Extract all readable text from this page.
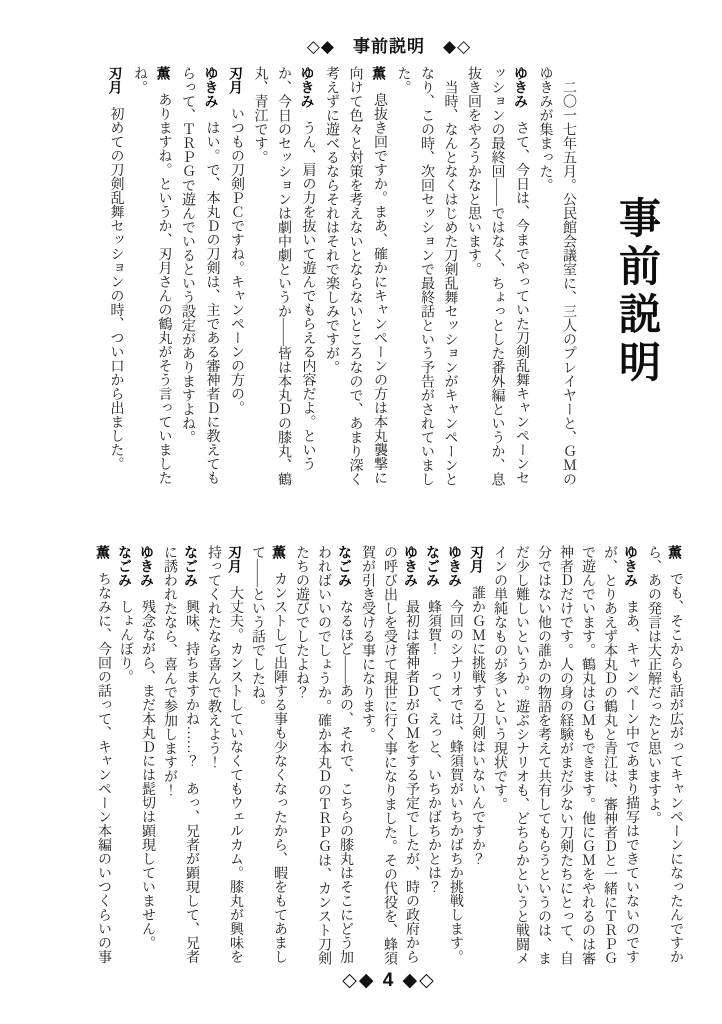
◇◆　事前説明　◆◇
事前説明

二〇一七年五月。公民館会議室に、三人のプレイヤーと、ＧＭのゆきみが集まった。

ゆきみさて、今日は、今までやっていた刀剣乱舞キャンペーンセッションの最終回――ではなく、ちょっとした番外編というか、息抜き回をやろうかなと思います。

当時、なんとなくはじめた刀剣乱舞セッションがキャンペーンとなり、この時、次回セッションで最終話という予告がされていました。

薫息抜き回ですか。まあ、確かにキャンペーンの方は本丸襲撃に向けて色々と対策を考えないとならないところなので、あまり深く考えずに遊べるならそれはそれで楽しみですが。

ゆきみうん、肩の力を抜いて遊んでもらえる内容だよ。というか、今日のセッションは劇中劇というか――皆は本丸Ｄの膝丸、鶴丸、青江です。

刃月いつもの刀剣ＰＣですね。キャンペーンの方の。

ゆきみはい。で、本丸Ｄの刀剣は、主である審神者Ｄに教えてもらって、ＴＲＰＧで遊んでいるという設定がありますよね。

薫ありますね。というか、刃月さんの鶴丸がそう言っていましたね。

刃月初めての刀剣乱舞セッションの時、つい口から出ました。

薫でも、そこからも話が広がってキャンペーンになったんですから、あの発言は大正解だったと思いますよ。

ゆきみまあ、キャンペーン中であまり描写はできていないのですが、とりあえず本丸Ｄの鶴丸と青江は、審神者Ｄと一緒にＴＲＰＧで遊んでいます。鶴丸はＧＭもできます。他にＧＭをやれるのは審神者Ｄだけです。人の身の経験がまだ少ない刀剣たちにとって、自分ではない他の誰かの物語を考えて共有してもらうというのは、まだ少し難しいというか。遊ぶシナリオも、どちらかというと戦闘メインの単純なものが多いという現状です。

刃月誰かＧＭに挑戦する刀剣はいないんですか？

ゆきみ今回のシナリオでは、蜂須賀がいちかばちか挑戦します。

なごみ蜂須賀！　って、えっと、いちかばちかとは？

ゆきみ最初は審神者ＤがＧＭをする予定でしたが、時の政府からの呼び出しを受けて現世に行く事になりました。その代役を、蜂須賀が引き受ける事になります。

なごみなるほど――あの、それで、こちらの膝丸はそこにどう加わればいいのでしょうか。確か本丸ＤのＴＲＰＧは、カンスト刀剣たちの遊びでしたよね？

薫カンストして出陣する事も少なくなったから、暇をもてあまして――という話でしたね。

刃月大丈夫。カンストしていなくてもウェルカム。膝丸が興味を持ってくれたなら喜んで教えよう！

なごみ興味、持ちますかね……？　あっ、兄者が顕現して、兄者に誘われたなら、喜んで参加しますが！

ゆきみ残念ながら、まだ本丸Ｄには髭切は顕現していません。

なごみしょんぼり。

薫ちなみに、今回の話って、キャンペーン本編のいつくらいの事

◇◆ 4 ◆◇
